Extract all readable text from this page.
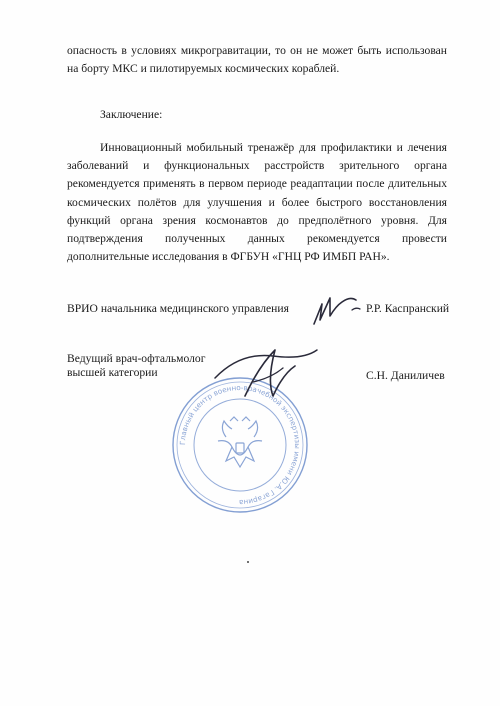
опасность в условиях микрогравитации, то он не может быть использован на борту МКС и пилотируемых космических кораблей.

Заключение:

Инновационный мобильный тренажёр для профилактики и лечения заболеваний и функциональных расстройств зрительного органа рекомендуется применять в первом периоде реадаптации после длительных космических полётов для улучшения и более быстрого восстановления функций органа зрения космонавтов до предполётного уровня. Для подтверждения полученных данных рекомендуется провести дополнительные исследования в ФГБУН «ГНЦ РФ ИМБП РАН».

Главный центр военно-врачебной экспертизы имени Ю.А. Гагарина
ВРИО начальника медицинского управления	Р.Р. Каспранский
Ведущий врач-офтальмолог
высшей категории	С.Н. Даниличев
